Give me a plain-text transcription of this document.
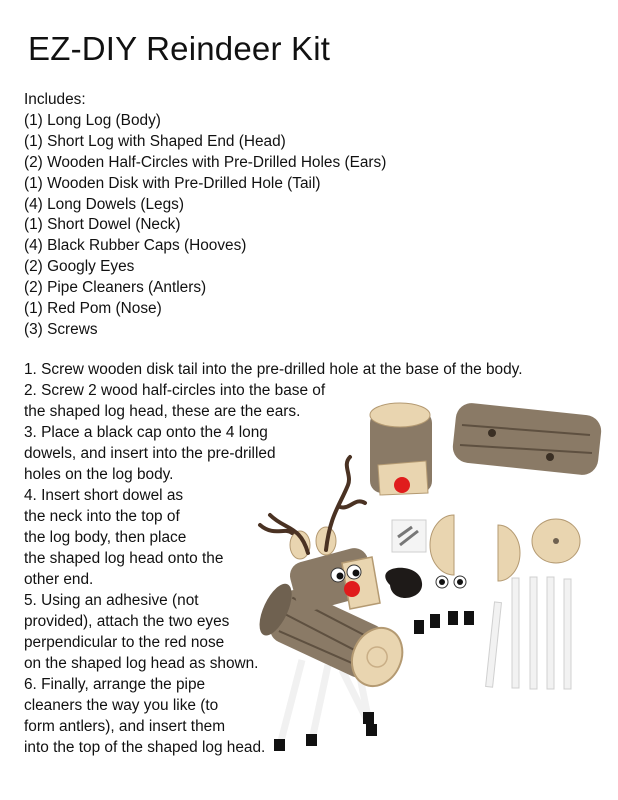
EZ-DIY Reindeer Kit
Includes:
(1) Long Log (Body)
(1) Short Log with Shaped End (Head)
(2) Wooden Half-Circles with Pre-Drilled Holes (Ears)
(1) Wooden Disk with Pre-Drilled Hole (Tail)
(4) Long Dowels (Legs)
(1) Short Dowel (Neck)
(4) Black Rubber Caps (Hooves)
(2) Googly Eyes
(2) Pipe Cleaners (Antlers)
(1) Red Pom (Nose)
(3) Screws
1. Screw wooden disk tail into the pre-drilled hole at the base of the body.
2. Screw 2 wood half-circles into the base of
the shaped log head, these are the ears.
3. Place a black cap onto the 4 long
dowels, and insert into the pre-drilled
holes on the log body.
4. Insert short dowel as
the neck into the top of
the log body, then place
the shaped log head onto the
other end.
5. Using an adhesive (not
provided), attach the two eyes
perpendicular to the red nose
on the shaped log head as shown.
6. Finally, arrange the pipe
cleaners the way you like (to
form antlers), and insert them
into the top of the shaped log head.
